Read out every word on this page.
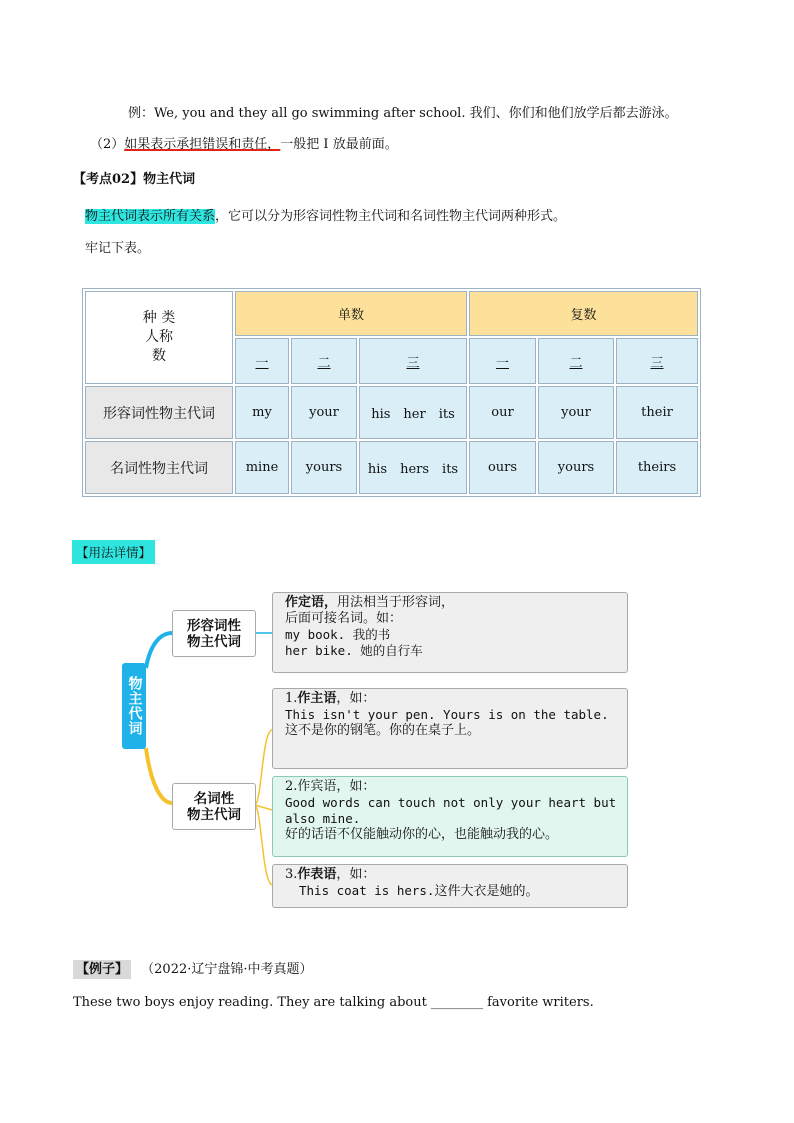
例：We, you and they all go swimming after school. 我们、你们和他们放学后都去游泳。
（2）如果表示承担错误和责任，一般把 I 放最前面。
【考点02】物主代词
物主代词表示所有关系，它可以分为形容词性物主代词和名词性物主代词两种形式。
牢记下表。
种 类
人称
数	单数			复数		
	一	二	三	一	二	三
形容词性物主代词	my	your	his　her　its	our	your	their
名词性物主代词	mine	yours	his　hers　its	ours	yours	theirs
【用法详情】
物主代词
形容词性
物主代词
名词性
物主代词
作定语，用法相当于形容词，
后面可接名词。如：
my book. 我的书
her bike. 她的自行车
1.作主语，如：
This isn't your pen. Yours is on the table.
这不是你的钢笔。你的在桌子上。
2.作宾语，如：
Good words can touch not only your heart but
also mine.
好的话语不仅能触动你的心，也能触动我的心。
3.作表语，如：
This coat is hers.这件大衣是她的。
【例子】 （2022·辽宁盘锦·中考真题）
These two boys enjoy reading. They are talking about ________ favorite writers.
